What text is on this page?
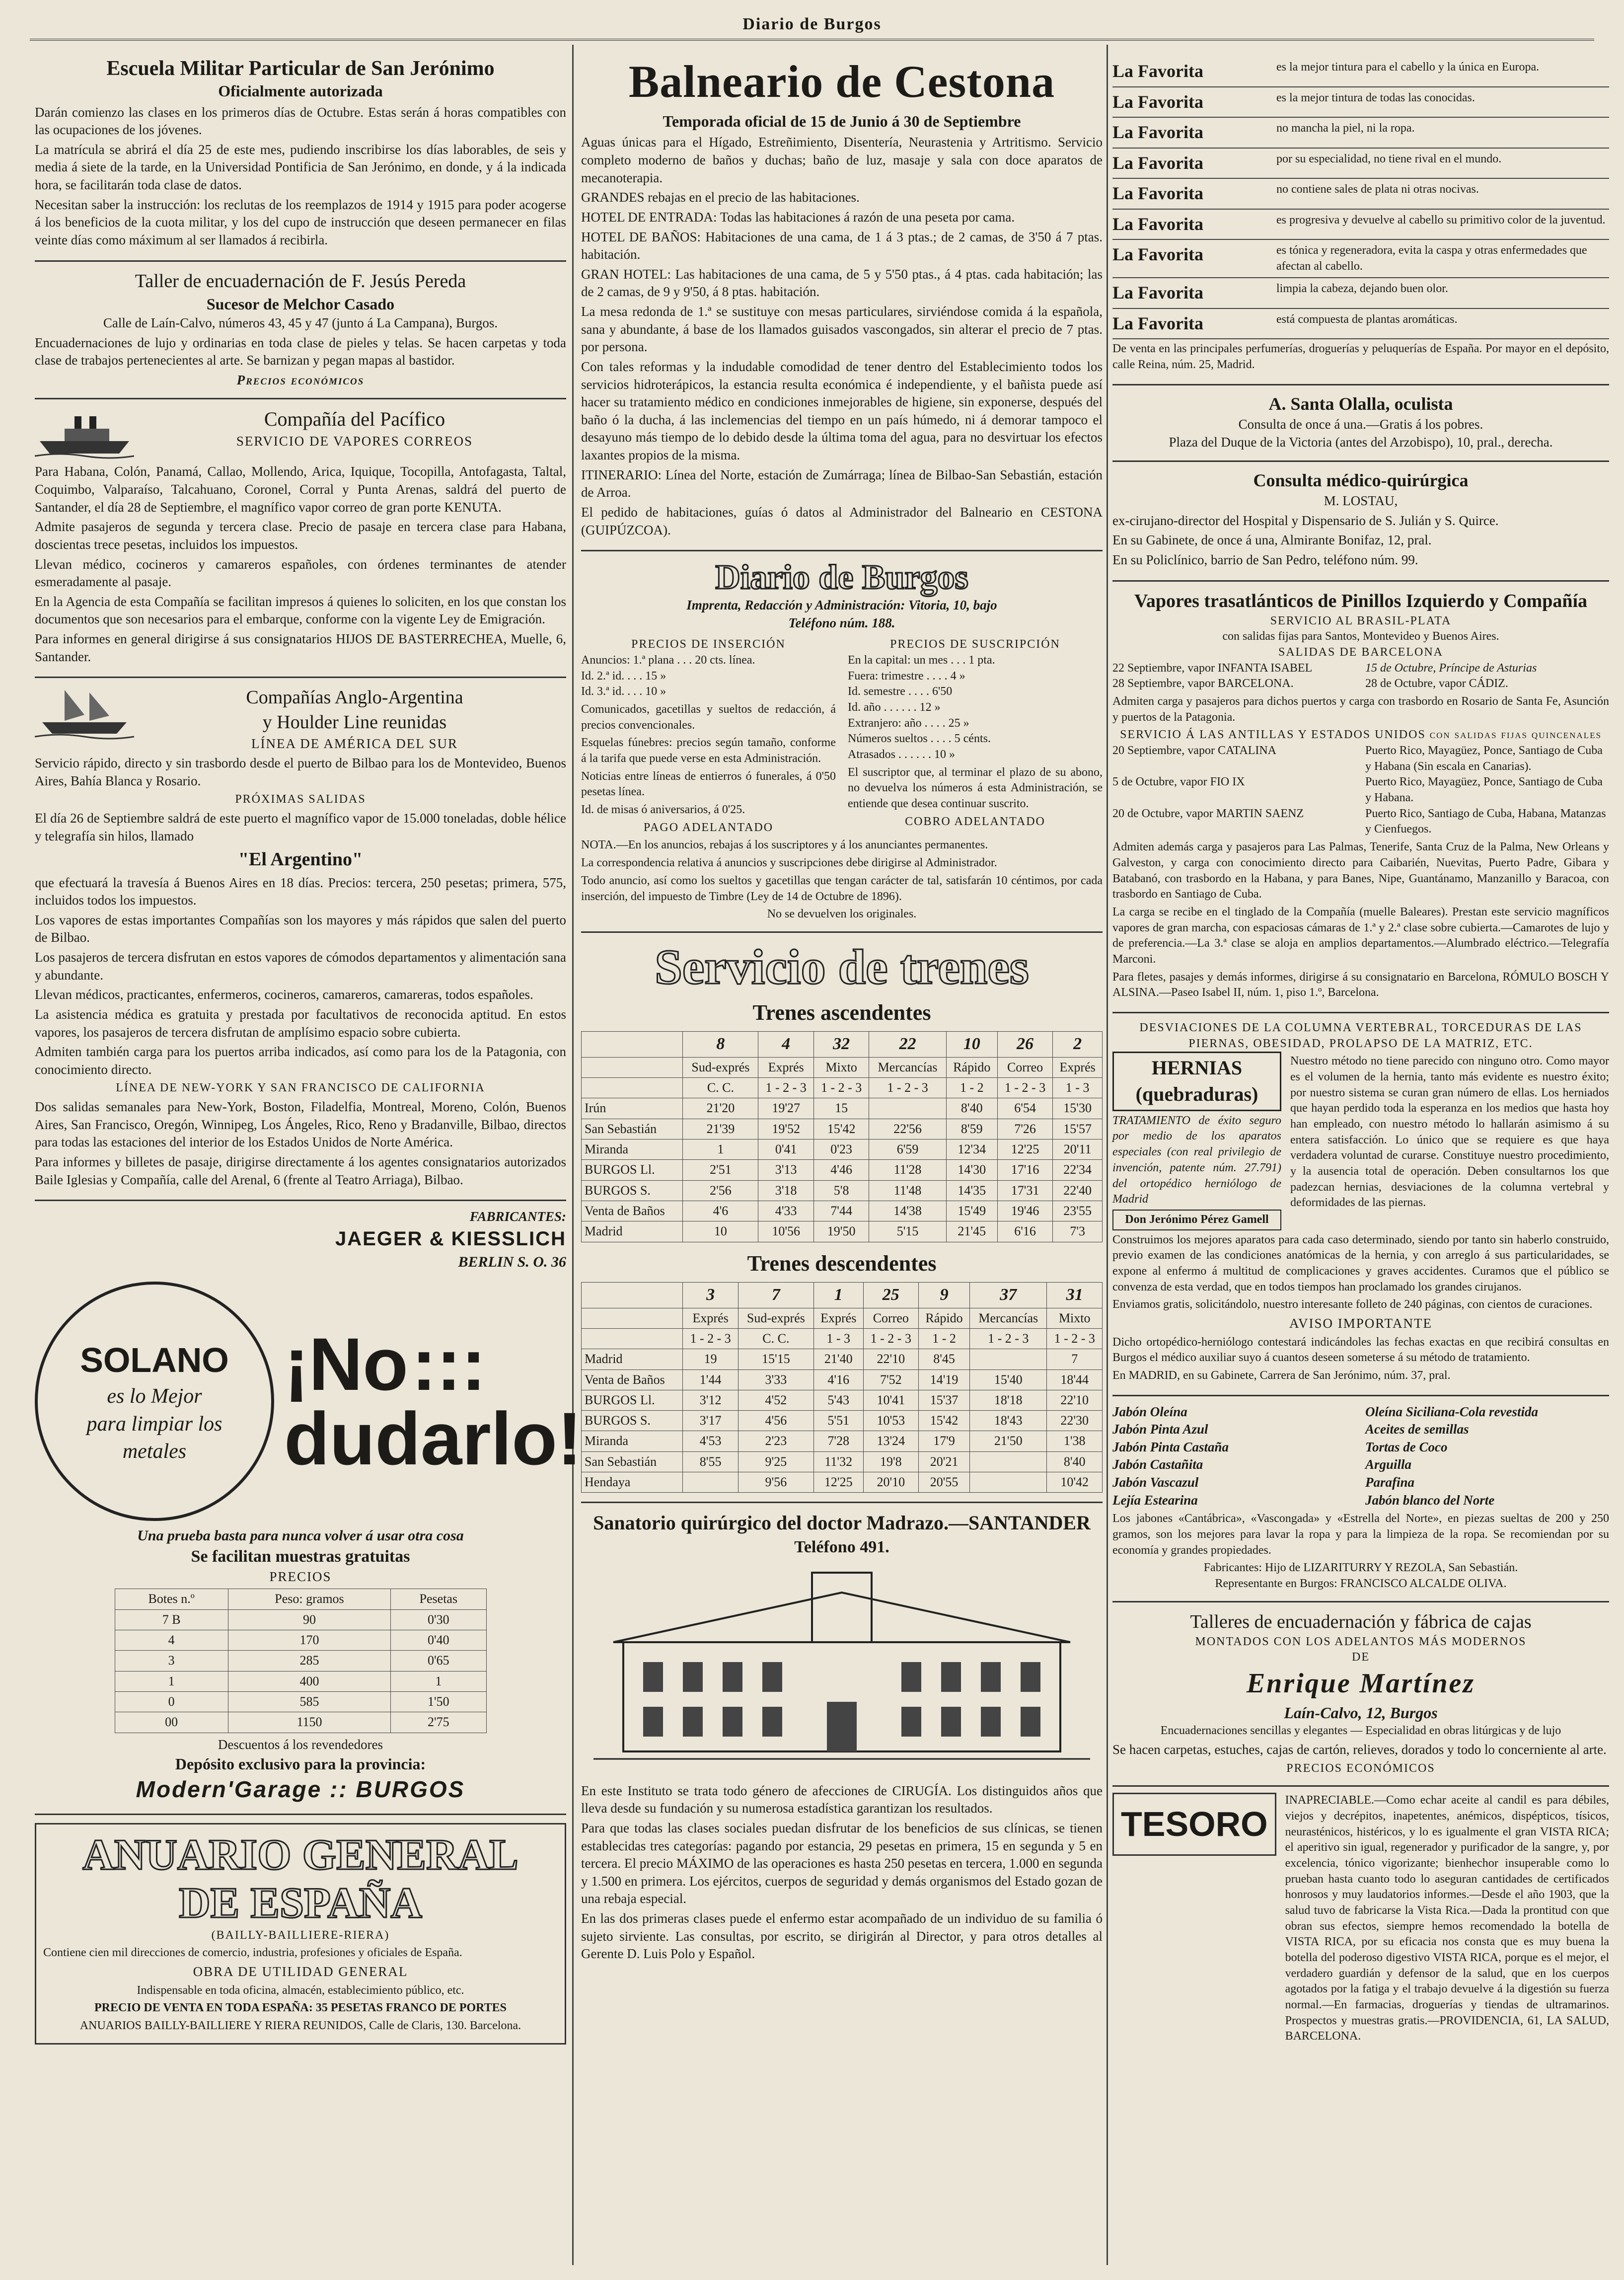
Diario de Burgos
Escuela Militar Particular de San Jerónimo
Oficialmente autorizada

Darán comienzo las clases en los primeros días de Octubre. Estas serán á horas compatibles con las ocupaciones de los jóvenes.

La matrícula se abrirá el día 25 de este mes, pudiendo inscribirse los días laborables, de seis y media á siete de la tarde, en la Universidad Pontificia de San Jerónimo, en donde, y á la indicada hora, se facilitarán toda clase de datos.

Necesitan saber la instrucción: los reclutas de los reemplazos de 1914 y 1915 para poder acogerse á los beneficios de la cuota militar, y los del cupo de instrucción que deseen permanecer en filas veinte días como máximum al ser llamados á recibirla.

Taller de encuadernación de F. Jesús Pereda
Sucesor de Melchor Casado
Calle de Laín-Calvo, números 43, 45 y 47 (junto á La Campana), Burgos.

Encuadernaciones de lujo y ordinarias en toda clase de pieles y telas. Se hacen carpetas y toda clase de trabajos pertenecientes al arte. Se barnizan y pegan mapas al bastidor.

Precios económicos
Compañía del Pacífico
SERVICIO DE VAPORES CORREOS

Para Habana, Colón, Panamá, Callao, Mollendo, Arica, Iquique, Tocopilla, Antofagasta, Taltal, Coquimbo, Valparaíso, Talcahuano, Coronel, Corral y Punta Arenas, saldrá del puerto de Santander, el día 28 de Septiembre, el magnífico vapor correo de gran porte KENUTA.

Admite pasajeros de segunda y tercera clase. Precio de pasaje en tercera clase para Habana, doscientas trece pesetas, incluidos los impuestos.

Llevan médico, cocineros y camareros españoles, con órdenes terminantes de atender esmeradamente al pasaje.

En la Agencia de esta Compañía se facilitan impresos á quienes lo soliciten, en los que constan los documentos que son necesarios para el embarque, conforme con la vigente Ley de Emigración.

Para informes en general dirigirse á sus consignatarios HIJOS DE BASTERRECHEA, Muelle, 6, Santander.

Compañías Anglo-Argentina
y Houlder Line reunidas
LÍNEA DE AMÉRICA DEL SUR

Servicio rápido, directo y sin trasbordo desde el puerto de Bilbao para los de Montevideo, Buenos Aires, Bahía Blanca y Rosario.

PRÓXIMAS SALIDAS

El día 26 de Septiembre saldrá de este puerto el magnífico vapor de 15.000 toneladas, doble hélice y telegrafía sin hilos, llamado

"El Argentino"

que efectuará la travesía á Buenos Aires en 18 días. Precios: tercera, 250 pesetas; primera, 575, incluidos todos los impuestos.

Los vapores de estas importantes Compañías son los mayores y más rápidos que salen del puerto de Bilbao.

Los pasajeros de tercera disfrutan en estos vapores de cómodos departamentos y alimentación sana y abundante.

Llevan médicos, practicantes, enfermeros, cocineros, camareros, camareras, todos españoles.

La asistencia médica es gratuita y prestada por facultativos de reconocida aptitud. En estos vapores, los pasajeros de tercera disfrutan de amplísimo espacio sobre cubierta.

Admiten también carga para los puertos arriba indicados, así como para los de la Patagonia, con conocimiento directo.

LÍNEA DE NEW-YORK Y SAN FRANCISCO DE CALIFORNIA

Dos salidas semanales para New-York, Boston, Filadelfia, Montreal, Moreno, Colón, Buenos Aires, San Francisco, Oregón, Winnipeg, Los Ángeles, Rico, Reno y Bradanville, Bilbao, directos para todas las estaciones del interior de los Estados Unidos de Norte América.

Para informes y billetes de pasaje, dirigirse directamente á los agentes consignatarios autorizados Baile Iglesias y Compañía, calle del Arenal, 6 (frente al Teatro Arriaga), Bilbao.

FABRICANTES:
JAEGER & KIESSLICH
BERLIN S. O. 36
SOLANO
es lo Mejor
para limpiar los
metales
¡No :::
dudarlo!
Una prueba basta para nunca volver á usar otra cosa
Se facilitan muestras gratuitas
PRECIOS
Botes n.º	Peso: gramos	Pesetas
7 B	90	0'30
4	170	0'40
3	285	0'65
1	400	1
0	585	1'50
00	1150	2'75
Descuentos á los revendedores
Depósito exclusivo para la provincia:
Modern'Garage :: BURGOS
ANUARIO GENERAL
DE ESPAÑA
(BAILLY-BAILLIERE-RIERA)

Contiene cien mil direcciones de comercio, industria, profesiones y oficiales de España.

OBRA DE UTILIDAD GENERAL

Indispensable en toda oficina, almacén, establecimiento público, etc.

PRECIO DE VENTA EN TODA ESPAÑA: 35 PESETAS FRANCO DE PORTES

ANUARIOS BAILLY-BAILLIERE Y RIERA REUNIDOS, Calle de Claris, 130. Barcelona.

Balneario de Cestona
Temporada oficial de 15 de Junio á 30 de Septiembre

Aguas únicas para el Hígado, Estreñimiento, Disentería, Neurastenia y Artritismo. Servicio completo moderno de baños y duchas; baño de luz, masaje y sala con doce aparatos de mecanoterapia.

GRANDES rebajas en el precio de las habitaciones.

HOTEL DE ENTRADA: Todas las habitaciones á razón de una peseta por cama.

HOTEL DE BAÑOS: Habitaciones de una cama, de 1 á 3 ptas.; de 2 camas, de 3'50 á 7 ptas. habitación.

GRAN HOTEL: Las habitaciones de una cama, de 5 y 5'50 ptas., á 4 ptas. cada habitación; las de 2 camas, de 9 y 9'50, á 8 ptas. habitación.

La mesa redonda de 1.ª se sustituye con mesas particulares, sirviéndose comida á la española, sana y abundante, á base de los llamados guisados vascongados, sin alterar el precio de 7 ptas. por persona.

Con tales reformas y la indudable comodidad de tener dentro del Establecimiento todos los servicios hidroterápicos, la estancia resulta económica é independiente, y el bañista puede así hacer su tratamiento médico en condiciones inmejorables de higiene, sin exponerse, después del baño ó la ducha, á las inclemencias del tiempo en un país húmedo, ni á demorar tampoco el desayuno más tiempo de lo debido desde la última toma del agua, para no desvirtuar los efectos laxantes propios de la misma.

ITINERARIO: Línea del Norte, estación de Zumárraga; línea de Bilbao-San Sebastián, estación de Arroa.

El pedido de habitaciones, guías ó datos al Administrador del Balneario en CESTONA (GUIPÚZCOA).

Diario de Burgos
Imprenta, Redacción y Administración: Vitoria, 10, bajo
Teléfono núm. 188.
PRECIOS DE INSERCIÓN
Anuncios: 1.ª plana . . . 20 cts. línea.
Id. 2.ª id. . . . 15 »
Id. 3.ª id. . . . 10 »

Comunicados, gacetillas y sueltos de redacción, á precios convencionales.

Esquelas fúnebres: precios según tamaño, conforme á la tarifa que puede verse en esta Administración.

Noticias entre líneas de entierros ó funerales, á 0'50 pesetas línea.

Id. de misas ó aniversarios, á 0'25.

PAGO ADELANTADO
PRECIOS DE SUSCRIPCIÓN
En la capital: un mes . . . 1 pta.
Fuera: trimestre . . . . 4 »
Id. semestre . . . . 6'50
Id. año . . . . . . 12 »
Extranjero: año . . . . 25 »
Números sueltos . . . . 5 cénts.
Atrasados . . . . . . 10 »

El suscriptor que, al terminar el plazo de su abono, no devuelva los números á esta Administración, se entiende que desea continuar suscrito.

COBRO ADELANTADO

NOTA.—En los anuncios, rebajas á los suscriptores y á los anunciantes permanentes.

La correspondencia relativa á anuncios y suscripciones debe dirigirse al Administrador.

Todo anuncio, así como los sueltos y gacetillas que tengan carácter de tal, satisfarán 10 céntimos, por cada inserción, del impuesto de Timbre (Ley de 14 de Octubre de 1896).

No se devuelven los originales.
Servicio de trenes
Trenes ascendentes
	8	4	32	22	10	26	2
	Sud-exprés	Exprés	Mixto	Mercancías	Rápido	Correo	Exprés
	C. C.	1 - 2 - 3	1 - 2 - 3	1 - 2 - 3	1 - 2	1 - 2 - 3	1 - 3
Irún	21'20	19'27	15		8'40	6'54	15'30
San Sebastián	21'39	19'52	15'42	22'56	8'59	7'26	15'57
Miranda	1	0'41	0'23	6'59	12'34	12'25	20'11
BURGOS Ll.	2'51	3'13	4'46	11'28	14'30	17'16	22'34
BURGOS S.	2'56	3'18	5'8	11'48	14'35	17'31	22'40
Venta de Baños	4'6	4'33	7'44	14'38	15'49	19'46	23'55
Madrid	10	10'56	19'50	5'15	21'45	6'16	7'3
Trenes descendentes
	3	7	1	25	9	37	31
	Exprés	Sud-exprés	Exprés	Correo	Rápido	Mercancías	Mixto
	1 - 2 - 3	C. C.	1 - 3	1 - 2 - 3	1 - 2	1 - 2 - 3	1 - 2 - 3
Madrid	19	15'15	21'40	22'10	8'45		7
Venta de Baños	1'44	3'33	4'16	7'52	14'19	15'40	18'44
BURGOS Ll.	3'12	4'52	5'43	10'41	15'37	18'18	22'10
BURGOS S.	3'17	4'56	5'51	10'53	15'42	18'43	22'30
Miranda	4'53	2'23	7'28	13'24	17'9	21'50	1'38
San Sebastián	8'55	9'25	11'32	19'8	20'21		8'40
Hendaya		9'56	12'25	20'10	20'55		10'42
Sanatorio quirúrgico del doctor Madrazo.—SANTANDER
Teléfono 491.

En este Instituto se trata todo género de afecciones de CIRUGÍA. Los distinguidos años que lleva desde su fundación y su numerosa estadística garantizan los resultados.

Para que todas las clases sociales puedan disfrutar de los beneficios de sus clínicas, se tienen establecidas tres categorías: pagando por estancia, 29 pesetas en primera, 15 en segunda y 5 en tercera. El precio MÁXIMO de las operaciones es hasta 250 pesetas en tercera, 1.000 en segunda y 1.500 en primera. Los ejércitos, cuerpos de seguridad y demás organismos del Estado gozan de una rebaja especial.

En las dos primeras clases puede el enfermo estar acompañado de un individuo de su familia ó sujeto sirviente. Las consultas, por escrito, se dirigirán al Director, y para otros detalles al Gerente D. Luis Polo y Español.

La Favorita	es la mejor tintura para el cabello y la única en Europa.
La Favorita	es la mejor tintura de todas las conocidas.
La Favorita	no mancha la piel, ni la ropa.
La Favorita	por su especialidad, no tiene rival en el mundo.
La Favorita	no contiene sales de plata ni otras nocivas.
La Favorita	es progresiva y devuelve al cabello su primitivo color de la juventud.
La Favorita	es tónica y regeneradora, evita la caspa y otras enfermedades que afectan al cabello.
La Favorita	limpia la cabeza, dejando buen olor.
La Favorita	está compuesta de plantas aromáticas.

De venta en las principales perfumerías, droguerías y peluquerías de España. Por mayor en el depósito, calle Reina, núm. 25, Madrid.

A. Santa Olalla, oculista
Consulta de once á una.—Gratis á los pobres.
Plaza del Duque de la Victoria (antes del Arzobispo), 10, pral., derecha.
Consulta médico-quirúrgica
M. LOSTAU,

ex-cirujano-director del Hospital y Dispensario de S. Julián y S. Quirce.

En su Gabinete, de once á una, Almirante Bonifaz, 12, pral.

En su Policlínico, barrio de San Pedro, teléfono núm. 99.

Vapores trasatlánticos de Pinillos Izquierdo y Compañía
SERVICIO AL BRASIL-PLATA
con salidas fijas para Santos, Montevideo y Buenos Aires.
SALIDAS DE BARCELONA
22 Septiembre, vapor INFANTA ISABEL	15 de Octubre, Príncipe de Asturias
28 Septiembre, vapor BARCELONA.	28 de Octubre, vapor CÁDIZ.

Admiten carga y pasajeros para dichos puertos y carga con trasbordo en Rosario de Santa Fe, Asunción y puertos de la Patagonia.

SERVICIO Á LAS ANTILLAS Y ESTADOS UNIDOS con salidas fijas quincenales
20 Septiembre, vapor CATALINA	Puerto Rico, Mayagüez, Ponce, Santiago de Cuba y Habana (Sin escala en Canarias).
5 de Octubre, vapor FIO IX	Puerto Rico, Mayagüez, Ponce, Santiago de Cuba y Habana.
20 de Octubre, vapor MARTIN SAENZ	Puerto Rico, Santiago de Cuba, Habana, Matanzas y Cienfuegos.

Admiten además carga y pasajeros para Las Palmas, Tenerife, Santa Cruz de la Palma, New Orleans y Galveston, y carga con conocimiento directo para Caibarién, Nuevitas, Puerto Padre, Gibara y Batabanó, con trasbordo en la Habana, y para Banes, Nipe, Guantánamo, Manzanillo y Baracoa, con trasbordo en Santiago de Cuba.

La carga se recibe en el tinglado de la Compañía (muelle Baleares). Prestan este servicio magníficos vapores de gran marcha, con espaciosas cámaras de 1.ª y 2.ª clase sobre cubierta.—Camarotes de lujo y de preferencia.—La 3.ª clase se aloja en amplios departamentos.—Alumbrado eléctrico.—Telegrafía Marconi.

Para fletes, pasajes y demás informes, dirigirse á su consignatario en Barcelona, RÓMULO BOSCH Y ALSINA.—Paseo Isabel II, núm. 1, piso 1.º, Barcelona.

DESVIACIONES DE LA COLUMNA VERTEBRAL, TORCEDURAS DE LAS PIERNAS, OBESIDAD, PROLAPSO DE LA MATRIZ, ETC.
HERNIAS (quebraduras)

TRATAMIENTO de éxito seguro por medio de los aparatos especiales (con real privilegio de invención, patente núm. 27.791) del ortopédico herniólogo de Madrid

Don Jerónimo Pérez Gamell

Nuestro método no tiene parecido con ninguno otro. Como mayor es el volumen de la hernia, tanto más evidente es nuestro éxito; por nuestro sistema se curan gran número de ellas. Los herniados que hayan perdido toda la esperanza en los medios que hasta hoy han empleado, con nuestro método lo hallarán asimismo á su entera satisfacción. Lo único que se requiere es que haya verdadera voluntad de curarse. Constituye nuestro procedimiento, y la ausencia total de operación. Deben consultarnos los que padezcan hernias, desviaciones de la columna vertebral y deformidades de las piernas.

Construimos los mejores aparatos para cada caso determinado, siendo por tanto sin haberlo construido, previo examen de las condiciones anatómicas de la hernia, y con arreglo á sus particularidades, se expone al enfermo á multitud de complicaciones y graves accidentes. Curamos que el público se convenza de esta verdad, que en todos tiempos han proclamado los grandes cirujanos.

Enviamos gratis, solicitándolo, nuestro interesante folleto de 240 páginas, con cientos de curaciones.

AVISO IMPORTANTE

Dicho ortopédico-herniólogo contestará indicándoles las fechas exactas en que recibirá consultas en Burgos el médico auxiliar suyo á cuantos deseen someterse á su método de tratamiento.

En MADRID, en su Gabinete, Carrera de San Jerónimo, núm. 37, pral.

Jabón Oleína	Oleína Siciliana-Cola revestida
Jabón Pinta Azul	Aceites de semillas
Jabón Pinta Castaña	Tortas de Coco
Jabón Castañita	Arguilla
Jabón Vascazul	Parafina
Lejía Estearina	Jabón blanco del Norte

Los jabones «Cantábrica», «Vascongada» y «Estrella del Norte», en piezas sueltas de 200 y 250 gramos, son los mejores para lavar la ropa y para la limpieza de la ropa. Se recomiendan por su economía y grandes propiedades.

Fabricantes: Hijo de LIZARITURRY Y REZOLA, San Sebastián.
Representante en Burgos: FRANCISCO ALCALDE OLIVA.
Talleres de encuadernación y fábrica de cajas
MONTADOS CON LOS ADELANTOS MÁS MODERNOS
DE
Enrique Martínez
Laín-Calvo, 12, Burgos
Encuadernaciones sencillas y elegantes — Especialidad en obras litúrgicas y de lujo

Se hacen carpetas, estuches, cajas de cartón, relieves, dorados y todo lo concerniente al arte.

PRECIOS ECONÓMICOS
TESORO

INAPRECIABLE.—Como echar aceite al candil es para débiles, viejos y decrépitos, inapetentes, anémicos, dispépticos, tísicos, neurasténicos, histéricos, y lo es igualmente el gran VISTA RICA; el aperitivo sin igual, regenerador y purificador de la sangre, y, por excelencia, tónico vigorizante; bienhechor insuperable como lo prueban hasta cuanto todo lo aseguran cantidades de certificados honrosos y muy laudatorios informes.—Desde el año 1903, que la salud tuvo de fabricarse la Vista Rica.—Dada la prontitud con que obran sus efectos, siempre hemos recomendado la botella de VISTA RICA, por su eficacia nos consta que es muy buena la botella del poderoso digestivo VISTA RICA, porque es el mejor, el verdadero guardián y defensor de la salud, que en los cuerpos agotados por la fatiga y el trabajo devuelve á la digestión su fuerza normal.—En farmacias, droguerías y tiendas de ultramarinos. Prospectos y muestras gratis.—PROVIDENCIA, 61, LA SALUD, BARCELONA.
